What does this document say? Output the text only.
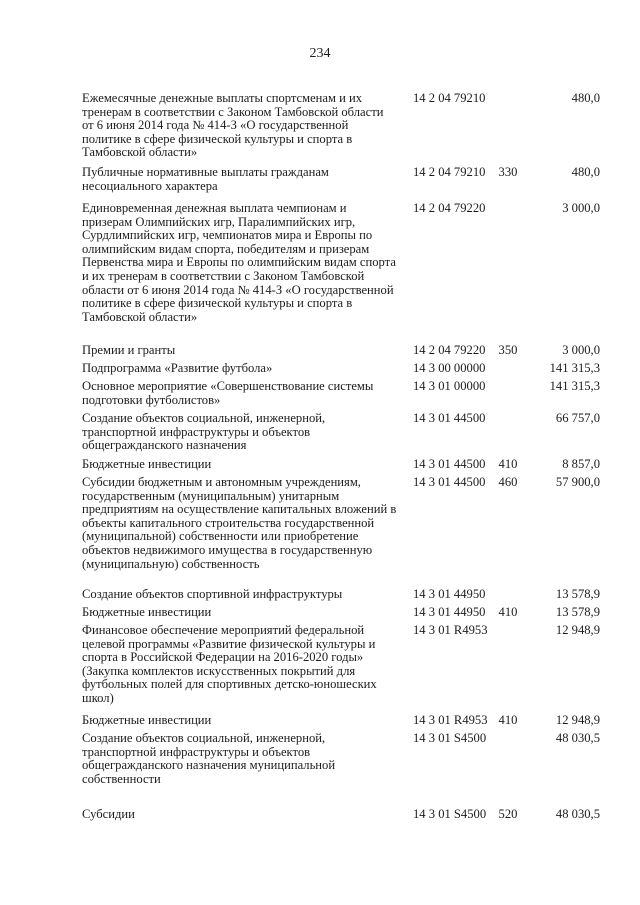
234
Ежемесячные денежные выплаты спортсменам и их тренерам в соответствии с Законом Тамбовской области от 6 июня 2014 года № 414-З «О государственной политике в сфере физической культуры и спорта в Тамбовской области»
14 2 04 79210	480,0
Публичные нормативные выплаты гражданам несоциального характера
14 2 04 79210 330	480,0
Единовременная денежная выплата чемпионам и призерам Олимпийских игр, Паралимпийских игр, Сурдлимпийских игр, чемпионатов мира и Европы по олимпийским видам спорта, победителям и призерам Первенства мира и Европы по олимпийским видам спорта и их тренерам в соответствии с Законом Тамбовской области от 6 июня 2014 года № 414-З «О государственной политике в сфере физической культуры и спорта в Тамбовской области»
14 2 04 79220	3 000,0
Премии и гранты	14 2 04 79220 350	3 000,0
Подпрограмма «Развитие футбола»	14 3 00 00000	141 315,3
Основное мероприятие «Совершенствование системы подготовки футболистов»
14 3 01 00000	141 315,3
Создание объектов социальной, инженерной, транспортной инфраструктуры и объектов общегражданского назначения
14 3 01 44500	66 757,0
Бюджетные инвестиции	14 3 01 44500 410	8 857,0
Субсидии бюджетным и автономным учреждениям, государственным (муниципальным) унитарным предприятиям на осуществление капитальных вложений в объекты капитального строительства государственной (муниципальной) собственности или приобретение объектов недвижимого имущества в государственную (муниципальную) собственность
14 3 01 44500 460	57 900,0
Создание объектов спортивной инфраструктуры	14 3 01 44950	13 578,9
Бюджетные инвестиции	14 3 01 44950 410	13 578,9
Финансовое обеспечение мероприятий федеральной целевой программы «Развитие физической культуры и спорта в Российской Федерации на 2016-2020 годы» (Закупка комплектов искусственных покрытий для футбольных полей для спортивных детско-юношеских школ)
14 3 01 R4953	12 948,9
Бюджетные инвестиции	14 3 01 R4953 410	12 948,9
Создание объектов социальной, инженерной, транспортной инфраструктуры и объектов общегражданского назначения муниципальной собственности
14 3 01 S4500	48 030,5
Субсидии	14 3 01 S4500 520	48 030,5
